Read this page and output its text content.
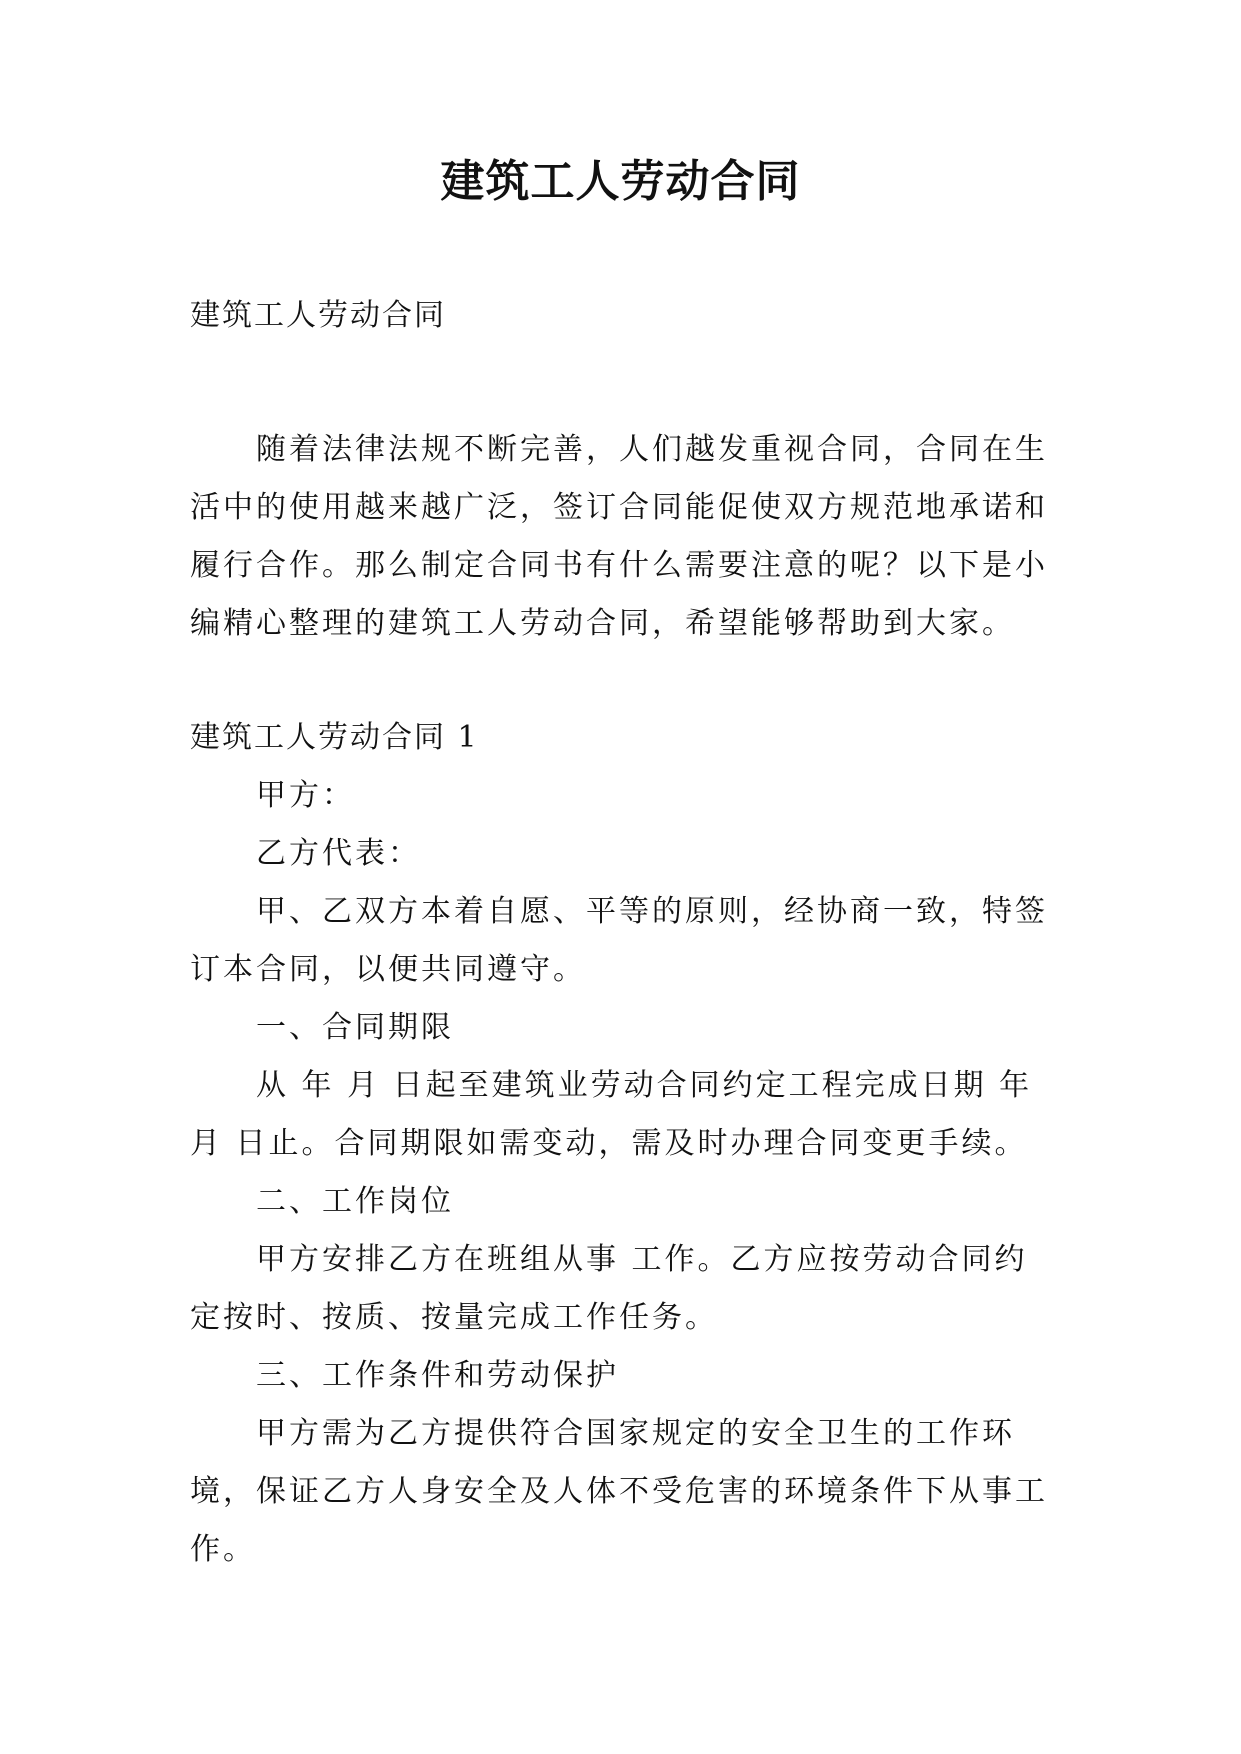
建筑工人劳动合同

建筑工人劳动合同

随着法律法规不断完善，人们越发重视合同，合同在生活中的使用越来越广泛，签订合同能促使双方规范地承诺和履行合作。那么制定合同书有什么需要注意的呢？以下是小编精心整理的建筑工人劳动合同，希望能够帮助到大家。

建筑工人劳动合同 1

甲方：

乙方代表：

甲、乙双方本着自愿、平等的原则，经协商一致，特签订本合同，以便共同遵守。

一、合同期限

从 年 月 日起至建筑业劳动合同约定工程完成日期 年月 日止。合同期限如需变动，需及时办理合同变更手续。

二、工作岗位

甲方安排乙方在班组从事 工作。乙方应按劳动合同约定按时、按质、按量完成工作任务。

三、工作条件和劳动保护

甲方需为乙方提供符合国家规定的安全卫生的工作环境，保证乙方人身安全及人体不受危害的环境条件下从事工作。
